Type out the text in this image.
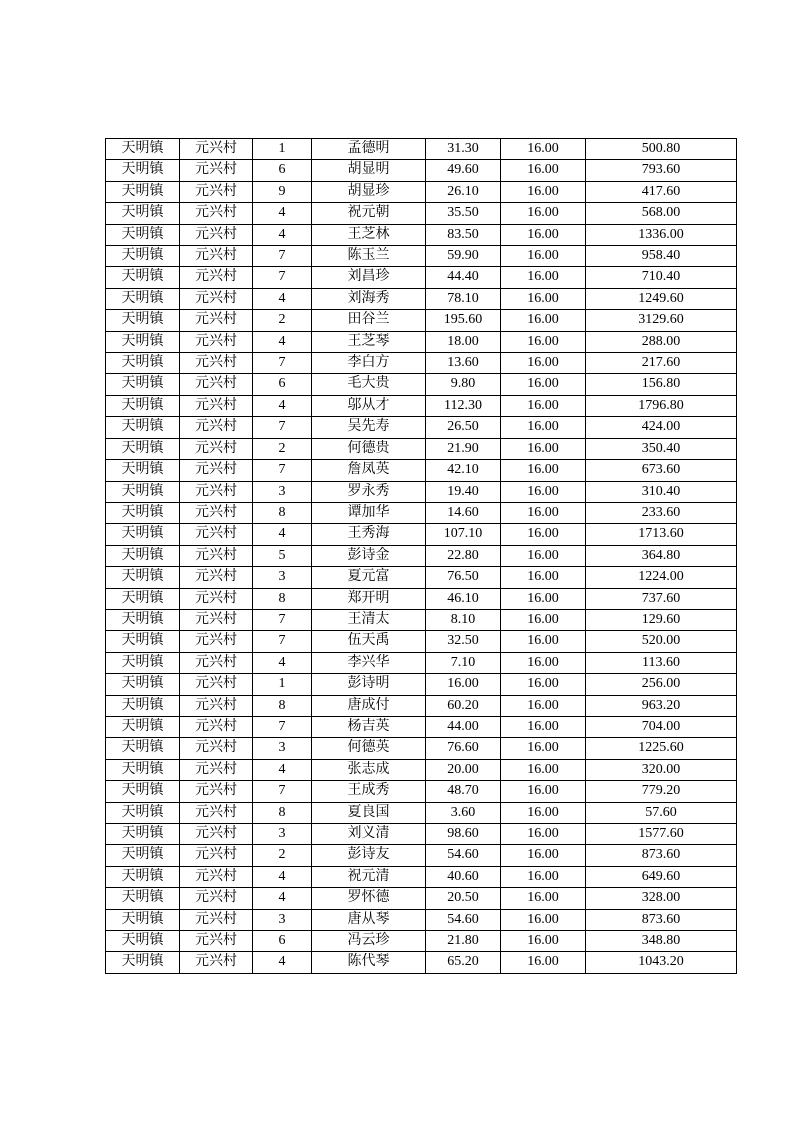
天明镇	元兴村	1	孟德明	31.30	16.00	500.80
天明镇	元兴村	6	胡显明	49.60	16.00	793.60
天明镇	元兴村	9	胡显珍	26.10	16.00	417.60
天明镇	元兴村	4	祝元朝	35.50	16.00	568.00
天明镇	元兴村	4	王芝林	83.50	16.00	1336.00
天明镇	元兴村	7	陈玉兰	59.90	16.00	958.40
天明镇	元兴村	7	刘昌珍	44.40	16.00	710.40
天明镇	元兴村	4	刘海秀	78.10	16.00	1249.60
天明镇	元兴村	2	田谷兰	195.60	16.00	3129.60
天明镇	元兴村	4	王芝琴	18.00	16.00	288.00
天明镇	元兴村	7	李白方	13.60	16.00	217.60
天明镇	元兴村	6	毛大贵	9.80	16.00	156.80
天明镇	元兴村	4	邬从才	112.30	16.00	1796.80
天明镇	元兴村	7	吴先寿	26.50	16.00	424.00
天明镇	元兴村	2	何德贵	21.90	16.00	350.40
天明镇	元兴村	7	詹凤英	42.10	16.00	673.60
天明镇	元兴村	3	罗永秀	19.40	16.00	310.40
天明镇	元兴村	8	谭加华	14.60	16.00	233.60
天明镇	元兴村	4	王秀海	107.10	16.00	1713.60
天明镇	元兴村	5	彭诗金	22.80	16.00	364.80
天明镇	元兴村	3	夏元富	76.50	16.00	1224.00
天明镇	元兴村	8	郑开明	46.10	16.00	737.60
天明镇	元兴村	7	王清太	8.10	16.00	129.60
天明镇	元兴村	7	伍天禹	32.50	16.00	520.00
天明镇	元兴村	4	李兴华	7.10	16.00	113.60
天明镇	元兴村	1	彭诗明	16.00	16.00	256.00
天明镇	元兴村	8	唐成付	60.20	16.00	963.20
天明镇	元兴村	7	杨吉英	44.00	16.00	704.00
天明镇	元兴村	3	何德英	76.60	16.00	1225.60
天明镇	元兴村	4	张志成	20.00	16.00	320.00
天明镇	元兴村	7	王成秀	48.70	16.00	779.20
天明镇	元兴村	8	夏良国	3.60	16.00	57.60
天明镇	元兴村	3	刘义清	98.60	16.00	1577.60
天明镇	元兴村	2	彭诗友	54.60	16.00	873.60
天明镇	元兴村	4	祝元清	40.60	16.00	649.60
天明镇	元兴村	4	罗怀德	20.50	16.00	328.00
天明镇	元兴村	3	唐从琴	54.60	16.00	873.60
天明镇	元兴村	6	冯云珍	21.80	16.00	348.80
天明镇	元兴村	4	陈代琴	65.20	16.00	1043.20
